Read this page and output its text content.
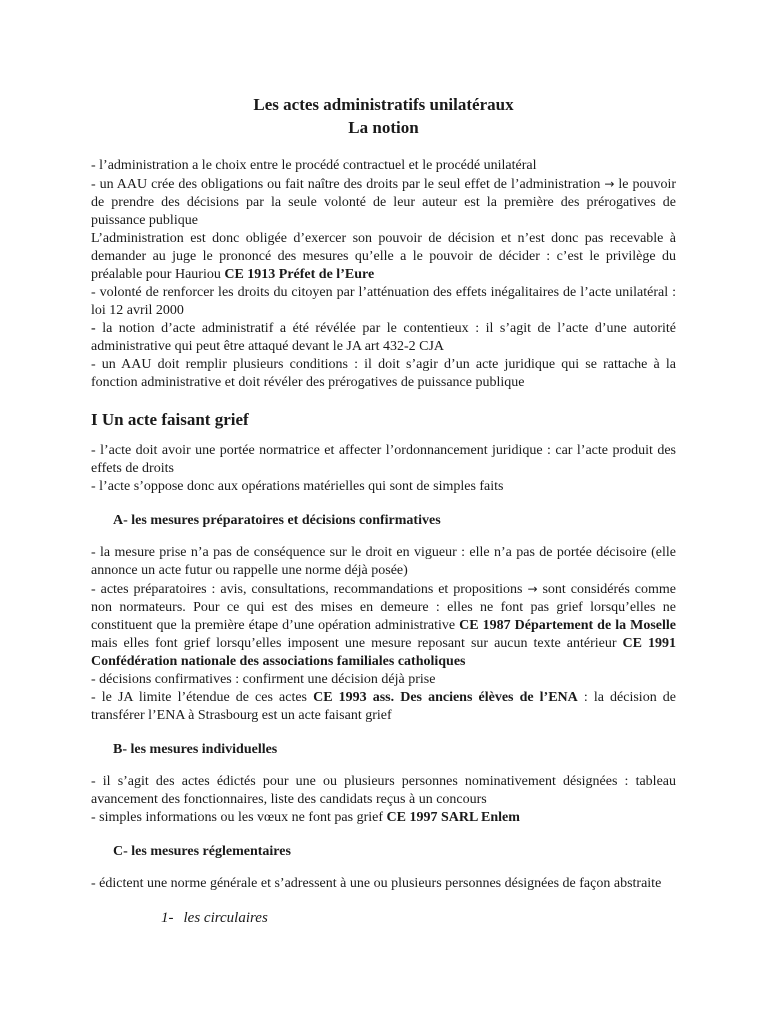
Les actes administratifs unilatéraux

La notion

- l’administration a le choix entre le procédé contractuel et le procédé unilatéral

- un AAU crée des obligations ou fait naître des droits par le seul effet de l’administration → le pouvoir de prendre des décisions par la seule volonté de leur auteur est la première des prérogatives de puissance publique

L’administration est donc obligée d’exercer son pouvoir de décision et n’est donc pas recevable à demander au juge le prononcé des mesures qu’elle a le pouvoir de décider : c’est le privilège du préalable pour Hauriou CE 1913 Préfet de l’Eure

- volonté de renforcer les droits du citoyen par l’atténuation des effets inégalitaires de l’acte unilatéral : loi 12 avril 2000

- la notion d’acte administratif a été révélée par le contentieux : il s’agit de l’acte d’une autorité administrative qui peut être attaqué devant le JA art 432-2 CJA

- un AAU doit remplir plusieurs conditions : il doit s’agir d’un acte juridique qui se rattache à la fonction administrative et doit révéler des prérogatives de puissance publique

I Un acte faisant grief

- l’acte doit avoir une portée normatrice et affecter l’ordonnancement juridique : car l’acte produit des effets de droits

- l’acte s’oppose donc aux opérations matérielles qui sont de simples faits

A- les mesures préparatoires et décisions confirmatives

- la mesure prise n’a pas de conséquence sur le droit en vigueur : elle n’a pas de portée décisoire (elle annonce un acte futur ou rappelle une norme déjà posée)

- actes préparatoires : avis, consultations, recommandations et propositions → sont considérés comme non normateurs. Pour ce qui est des mises en demeure : elles ne font pas grief lorsqu’elles ne constituent que la première étape d’une opération administrative CE 1987 Département de la Moselle mais elles font grief lorsqu’elles imposent une mesure reposant sur aucun texte antérieur CE 1991 Confédération nationale des associations familiales catholiques

- décisions confirmatives : confirment une décision déjà prise

- le JA limite l’étendue de ces actes CE 1993 ass. Des anciens élèves de l’ENA : la décision de transférer l’ENA à Strasbourg est un acte faisant grief

B- les mesures individuelles

- il s’agit des actes édictés pour une ou plusieurs personnes nominativement désignées : tableau avancement des fonctionnaires, liste des candidats reçus à un concours

- simples informations ou les vœux ne font pas grief CE 1997 SARL Enlem

C- les mesures réglementaires

- édictent une norme générale et s’adressent à une ou plusieurs personnes désignées de façon abstraite

1- les circulaires
